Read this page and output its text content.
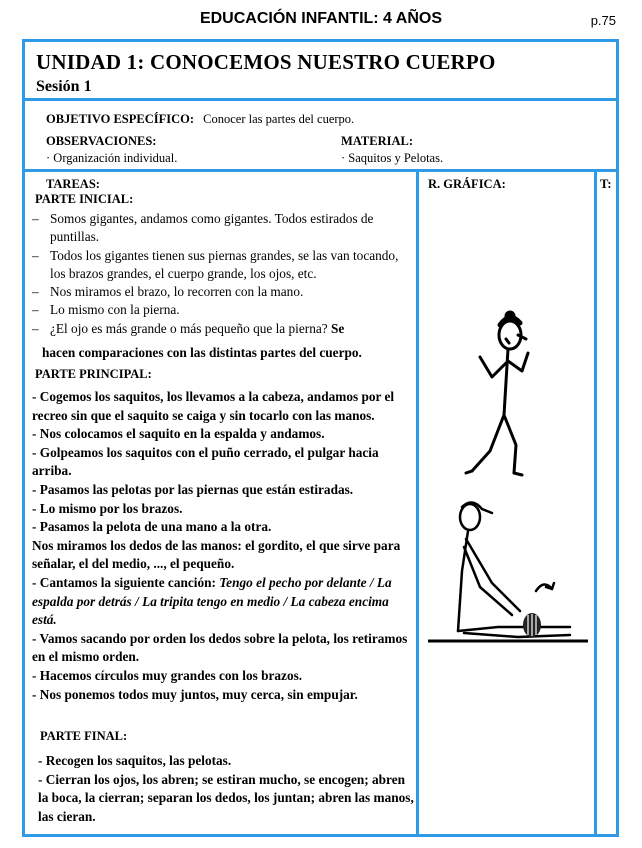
EDUCACIÓN INFANTIL: 4 AÑOS	p.75
UNIDAD 1: CONOCEMOS NUESTRO CUERPO
Sesión 1
OBJETIVO ESPECÍFICO: Conocer las partes del cuerpo.
OBSERVACIONES:
· Organización individual.
MATERIAL:
· Saquitos y Pelotas.
TAREAS:	R. GRÁFICA:	T:
PARTE INICIAL:
– Somos gigantes, andamos como gigantes. Todos estirados de puntillas.
– Todos los gigantes tienen sus piernas grandes, se las van tocando, los brazos grandes, el cuerpo grande, los ojos, etc.
– Nos miramos el brazo, lo recorren con la mano.
– Lo mismo con la pierna.
– ¿El ojo es más grande o más pequeño que la pierna? Se
hacen comparaciones con las distintas partes del cuerpo.
PARTE PRINCIPAL:
- Cogemos los saquitos, los llevamos a la cabeza, andamos por el recreo sin que el saquito se caiga y sin tocarlo con las manos.
- Nos colocamos el saquito en la espalda y andamos.
- Golpeamos los saquitos con el puño cerrado, el pulgar hacia arriba.
- Pasamos las pelotas por las piernas que están estiradas.
- Lo mismo por los brazos.
- Pasamos la pelota de una mano a la otra.
Nos miramos los dedos de las manos: el gordito, el que sirve para señalar, el del medio, ..., el pequeño.
- Cantamos la siguiente canción: Tengo el pecho por delante / La espalda por detrás / La tripita tengo en medio / La cabeza encima está.
- Vamos sacando por orden los dedos sobre la pelota, los retiramos en el mismo orden.
- Hacemos círculos muy grandes con los brazos.
- Nos ponemos todos muy juntos, muy cerca, sin empujar.
PARTE FINAL:
- Recogen los saquitos, las pelotas.
- Cierran los ojos, los abren; se estiran mucho, se encogen; abren la boca, la cierran; separan los dedos, los juntan; abren las manos, las cieran.
